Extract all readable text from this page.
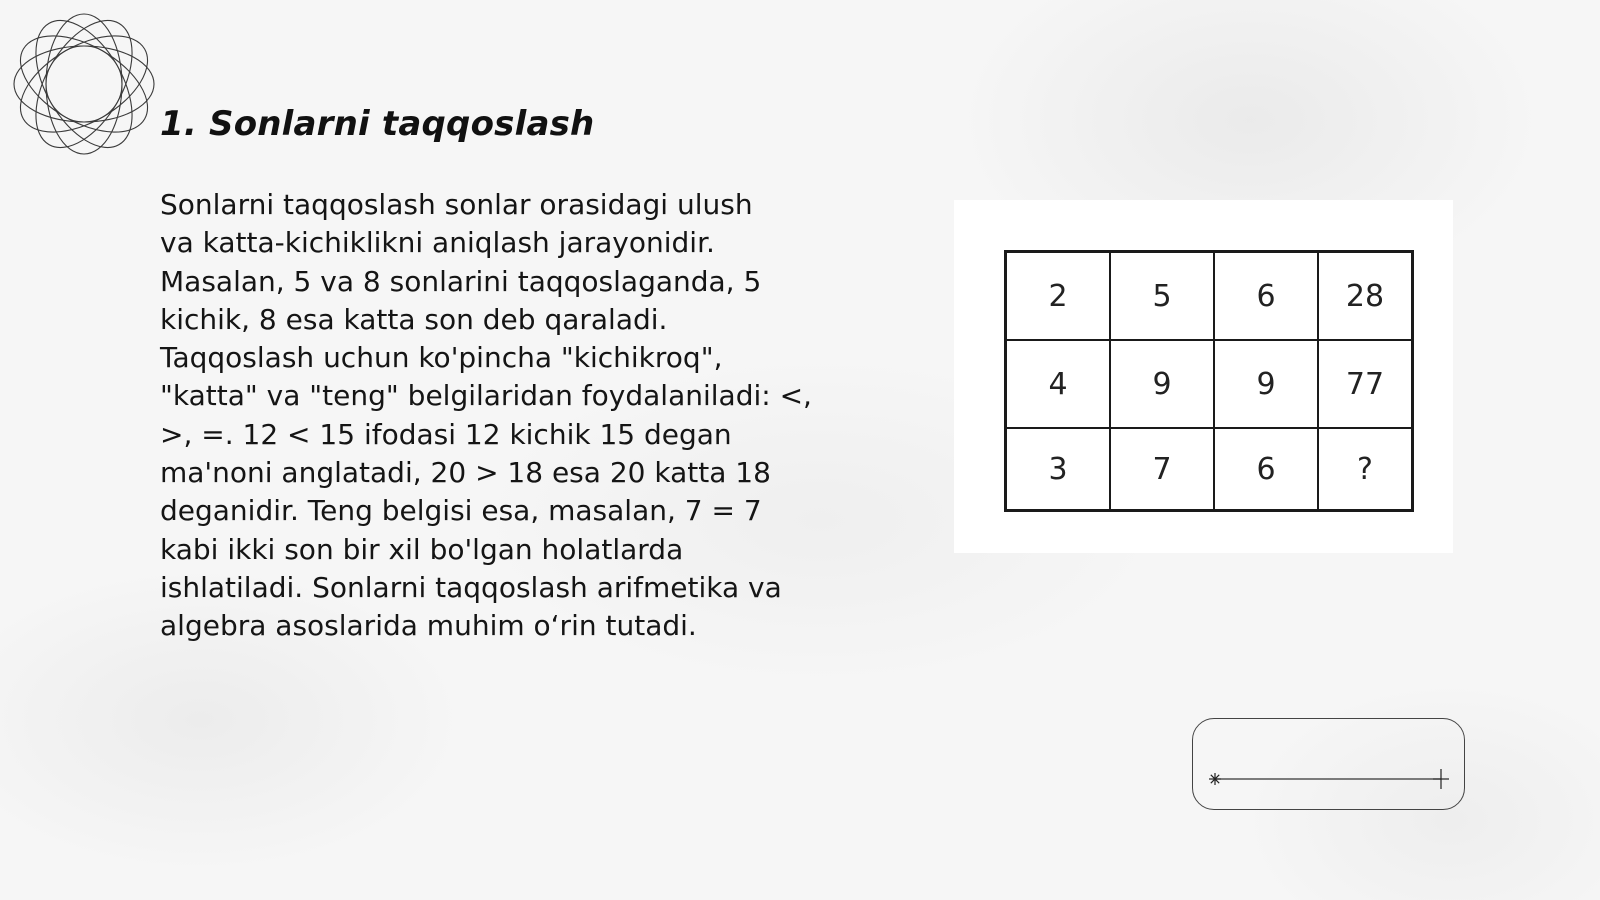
1. Sonlarni taqqoslash

Sonlarni taqqoslash sonlar orasidagi ulush
va katta-kichiklikni aniqlash jarayonidir.
Masalan, 5 va 8 sonlarini taqqoslaganda, 5
kichik, 8 esa katta son deb qaraladi.
Taqqoslash uchun ko'pincha "kichikroq",
"katta" va "teng" belgilaridan foydalaniladi: <,
>, =. 12 < 15 ifodasi 12 kichik 15 degan
ma'noni anglatadi, 20 > 18 esa 20 katta 18
deganidir. Teng belgisi esa, masalan, 7 = 7
kabi ikki son bir xil bo'lgan holatlarda
ishlatiladi. Sonlarni taqqoslash arifmetika va
algebra asoslarida muhim o‘rin tutadi.

2	5	6	28
4	9	9	77
3	7	6	?
